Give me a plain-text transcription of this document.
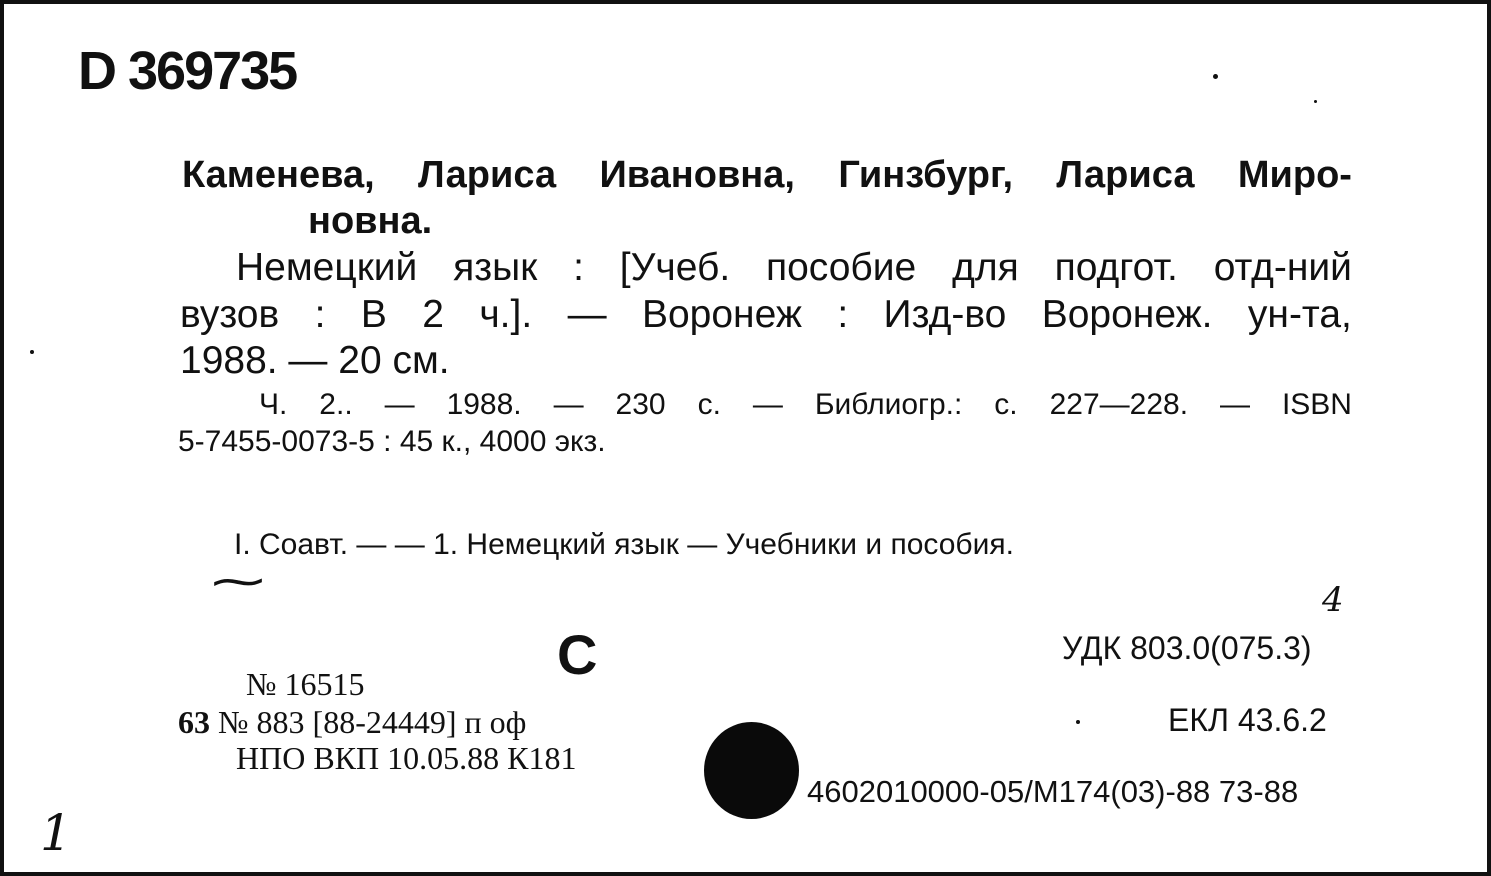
D 369735
Каменева, Лариса Ивановна, Гинзбург, Лариса Миро-
новна.
Немецкий язык : [Учеб. пособие для подгот. отд-ний
вузов : В 2 ч.]. — Воронеж : Изд-во Воронеж. ун-та,
1988. — 20 см.
Ч. 2.. — 1988. — 230 с. — Библиогр.: с. 227—228. — ISBN
5-7455-0073-5 : 45 к., 4000 экз.
I. Соавт. — — 1. Немецкий язык — Учебники и пособия.
⁓
С
№ 16515
63 № 883 [88-24449] п оф
НПО ВКП 10.05.88 К181
УДК 803.0(075.3)
ЕКЛ 43.6.2
4602010000-05/М174(03)-88 73-88
1
4
